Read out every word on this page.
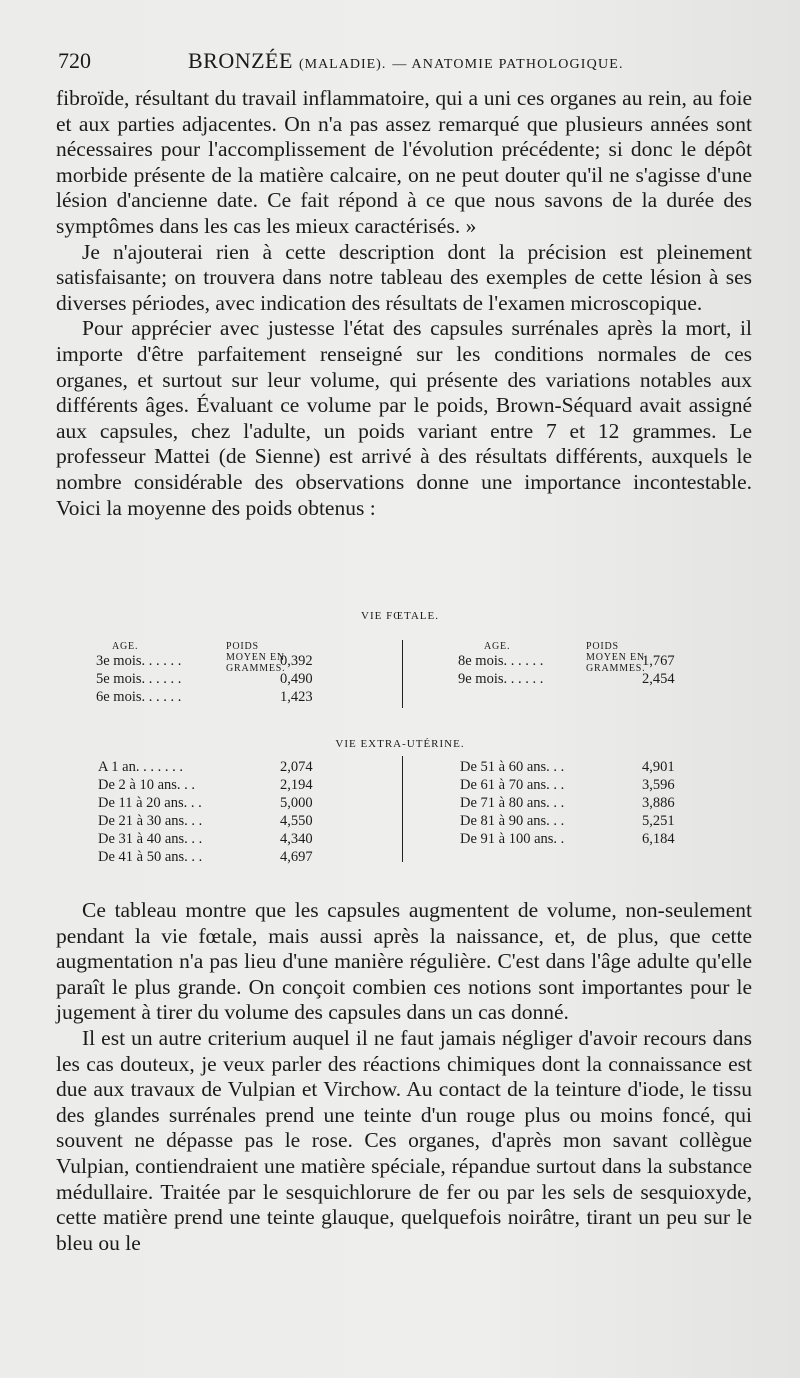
720	BRONZÉE (MALADIE). — ANATOMIE PATHOLOGIQUE.

fibroïde, résultant du travail inflammatoire, qui a uni ces organes au rein, au foie et aux parties adjacentes. On n'a pas assez remarqué que plusieurs années sont nécessaires pour l'accomplissement de l'évolution précédente; si donc le dépôt morbide présente de la matière calcaire, on ne peut douter qu'il ne s'agisse d'une lésion d'ancienne date. Ce fait répond à ce que nous savons de la durée des symptômes dans les cas les mieux caractérisés. »

Je n'ajouterai rien à cette description dont la précision est pleinement satisfaisante; on trouvera dans notre tableau des exemples de cette lésion à ses diverses périodes, avec indication des résultats de l'examen microscopique.

Pour apprécier avec justesse l'état des capsules surrénales après la mort, il importe d'être parfaitement renseigné sur les conditions normales de ces organes, et surtout sur leur volume, qui présente des variations notables aux différents âges. Évaluant ce volume par le poids, Brown-Séquard avait assigné aux capsules, chez l'adulte, un poids variant entre 7 et 12 grammes. Le professeur Mattei (de Sienne) est arrivé à des résultats différents, auxquels le nombre considérable des observations donne une importance incontestable. Voici la moyenne des poids obtenus :

VIE FŒTALE.
AGE.	POIDS MOYEN EN GRAMMES.
AGE.	POIDS MOYEN EN GRAMMES.
3e mois. . . . . .	0,392
5e mois. . . . . .	0,490
6e mois. . . . . .	1,423
8e mois. . . . . .	1,767
9e mois. . . . . .	2,454
VIE EXTRA-UTÉRINE.
A 1 an. . . . . . .	2,074
De 2 à 10 ans. . .	2,194
De 11 à 20 ans. . .	5,000
De 21 à 30 ans. . .	4,550
De 31 à 40 ans. . .	4,340
De 41 à 50 ans. . .	4,697
De 51 à 60 ans. . .	4,901
De 61 à 70 ans. . .	3,596
De 71 à 80 ans. . .	3,886
De 81 à 90 ans. . .	5,251
De 91 à 100 ans. .	6,184

Ce tableau montre que les capsules augmentent de volume, non-seulement pendant la vie fœtale, mais aussi après la naissance, et, de plus, que cette augmentation n'a pas lieu d'une manière régulière. C'est dans l'âge adulte qu'elle paraît le plus grande. On conçoit combien ces notions sont importantes pour le jugement à tirer du volume des capsules dans un cas donné.

Il est un autre criterium auquel il ne faut jamais négliger d'avoir recours dans les cas douteux, je veux parler des réactions chimiques dont la connaissance est due aux travaux de Vulpian et Virchow. Au contact de la teinture d'iode, le tissu des glandes surrénales prend une teinte d'un rouge plus ou moins foncé, qui souvent ne dépasse pas le rose. Ces organes, d'après mon savant collègue Vulpian, contiendraient une matière spéciale, répandue surtout dans la substance médullaire. Traitée par le sesquichlorure de fer ou par les sels de sesquioxyde, cette matière prend une teinte glauque, quelquefois noirâtre, tirant un peu sur le bleu ou le
